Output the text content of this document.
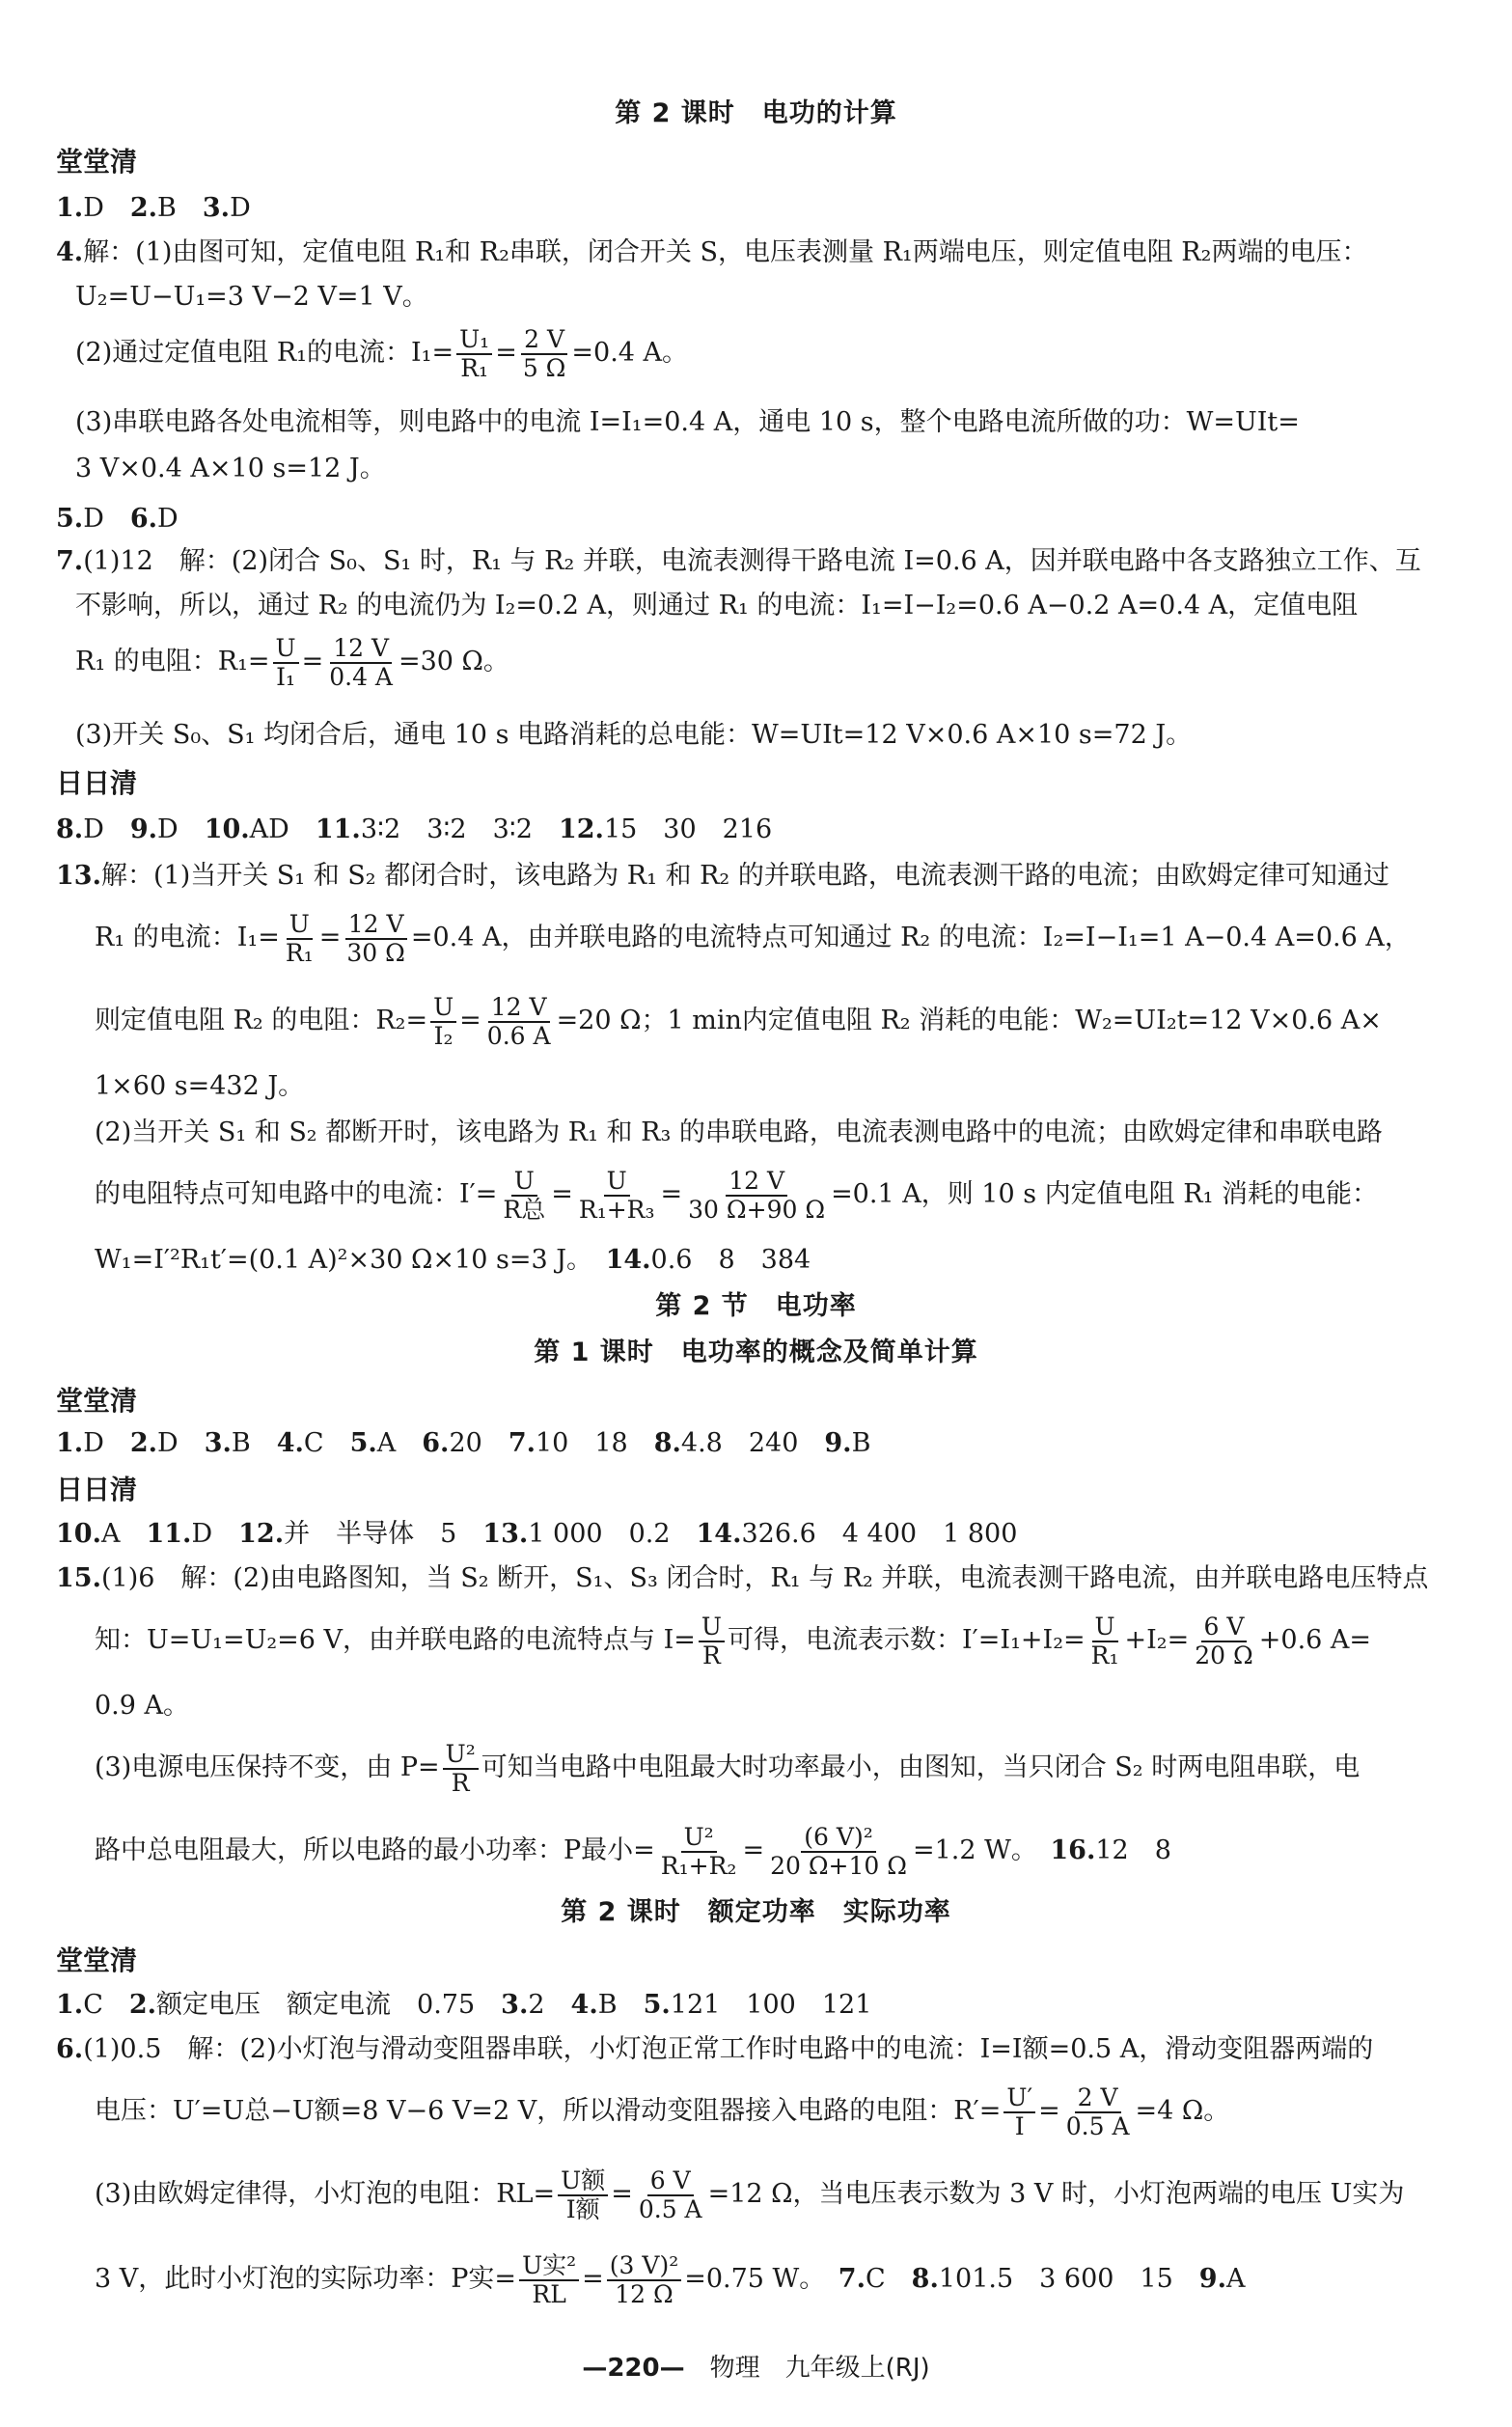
第 2 课时　电功的计算
堂堂清
1.D　 2.B　 3.D
4.解：(1)由图可知，定值电阻 R₁和 R₂串联，闭合开关 S，电压表测量 R₁两端电压，则定值电阻 R₂两端的电压：
U₂=U−U₁=3 V−2 V=1 V。
(2)通过定值电阻 R₁的电流：$I_1= \frac{\text{U₁}}{\text{R₁}} = \frac{2 V}{5 \Omega} =0.4$ A。
(3)串联电路各处电流相等，则电路中的电流 I=I₁=0.4 A，通电 10 s，整个电路电流所做的功：W=UIt=
3 V×0.4 A×10 s=12 J。
5.D　 6.D
7.(1)12　解：(2)闭合 S₀、S₁ 时，R₁ 与 R₂ 并联，电流表测得干路电流 I=0.6 A，因并联电路中各支路独立工作、互
不影响，所以，通过 R₂ 的电流仍为 I₂=0.2 A，则通过 R₁ 的电流：I₁=I−I₂=0.6 A−0.2 A=0.4 A，定值电阻
R₁ 的电阻：$R_1= \frac{U}{\text{I₁}} = \frac{12 V}{0.4 A} =30$ Ω。
(3)开关 S₀、S₁ 均闭合后，通电 10 s 电路消耗的总电能：W=UIt=12 V×0.6 A×10 s=72 J。
日日清
8.D　 9.D　 10.AD　 11.3∶2　3∶2　3∶2　 12.15　30　216
13.解：(1)当开关 S₁ 和 S₂ 都闭合时，该电路为 R₁ 和 R₂ 的并联电路，电流表测干路的电流；由欧姆定律可知通过
R₁ 的电流：$I_1= \frac{U}{\text{R₁}} = \frac{12 V}{30 \Omega} =0.4$ A，由并联电路的电流特点可知通过 R₂ 的电流：I₂=I−I₁=1 A−0.4 A=0.6 A，
则定值电阻 R₂ 的电阻：$R_2= \frac{U}{\text{I₂}} = \frac{12 V}{0.6 A} =20$ Ω；1 min内定值电阻 R₂ 消耗的电能：W₂=UI₂t=12 V×0.6 A×
1×60 s=432 J。
(2)当开关 S₁ 和 S₂ 都断开时，该电路为 R₁ 和 R₃ 的串联电路，电流表测电路中的电流；由欧姆定律和串联电路
的电阻特点可知电路中的电流：I′= U
R总 = $\frac{U}{\text{R₁+R₃}} = \frac{12 V}{30 \Omega+90 \Omega} =0.1$ A，则 10 s 内定值电阻 R₁ 消耗的电能：
W₁=I′²R₁t′=(0.1 A)²×30 Ω×10 s=3 J。　 14.0.6　8　384
第 2 节　电功率
第 1 课时　电功率的概念及简单计算
堂堂清
1.D　 2.D　 3.B　 4.C　 5.A　 6.20　 7.10　18　 8.4.8　240　 9.B
日日清
10.A　 11.D　 12.并　半导体　5　 13.1 000　0.2　 14.326.6　4 400　1 800
15.(1)6　解：(2)由电路图知，当 S₂ 断开，S₁、S₃ 闭合时，R₁ 与 R₂ 并联，电流表测干路电流，由并联电路电压特点
知：U=U₁=U₂=6 V，由并联电路的电流特点与 $I= \frac{U}{R}$ 可得，电流表示数：$I'=I_1+I_2= \frac{U}{\text{R₁}} +I_2= \frac{6 V}{20 \Omega} +0.6$ A=
0.9 A。
(3)电源电压保持不变，由 $P= \frac{\text{U²}}{R}$ 可知当电路中电阻最大时功率最小，由图知，当只闭合 S₂ 时两电阻串联，电
路中总电阻最大，所以电路的最小功率：P最小= $\frac{\text{U²}}{\text{R₁+R₂}} = \frac{\text{(6 V)²}}{20 \Omega+10 \Omega} =1.2$ W。　 16.12　8
第 2 课时　额定功率　实际功率
堂堂清
1.C　 2.额定电压　额定电流　0.75　 3.2　 4.B　 5.121　100　121
6.(1)0.5　解：(2)小灯泡与滑动变阻器串联，小灯泡正常工作时电路中的电流：I=I额=0.5 A，滑动变阻器两端的
电压：U′=U总−U额=8 V−6 V=2 V，所以滑动变阻器接入电路的电阻：$R'= \frac{U'}{I} = \frac{2 V}{0.5 A} =4$ Ω。
(3)由欧姆定律得，小灯泡的电阻：RL= U额
I额 = $\frac{6 V}{0.5 A} =12$ Ω，当电压表示数为 3 V 时，小灯泡两端的电压 U实为
3 V，此时小灯泡的实际功率：P实= U实²
RL = $\frac{\text{(3 V)²}}{12 \Omega} =0.75$ W。　 7.C　 8.101.5　3 600　15　 9.A
—220—　 物理　 九年级上(RJ)
